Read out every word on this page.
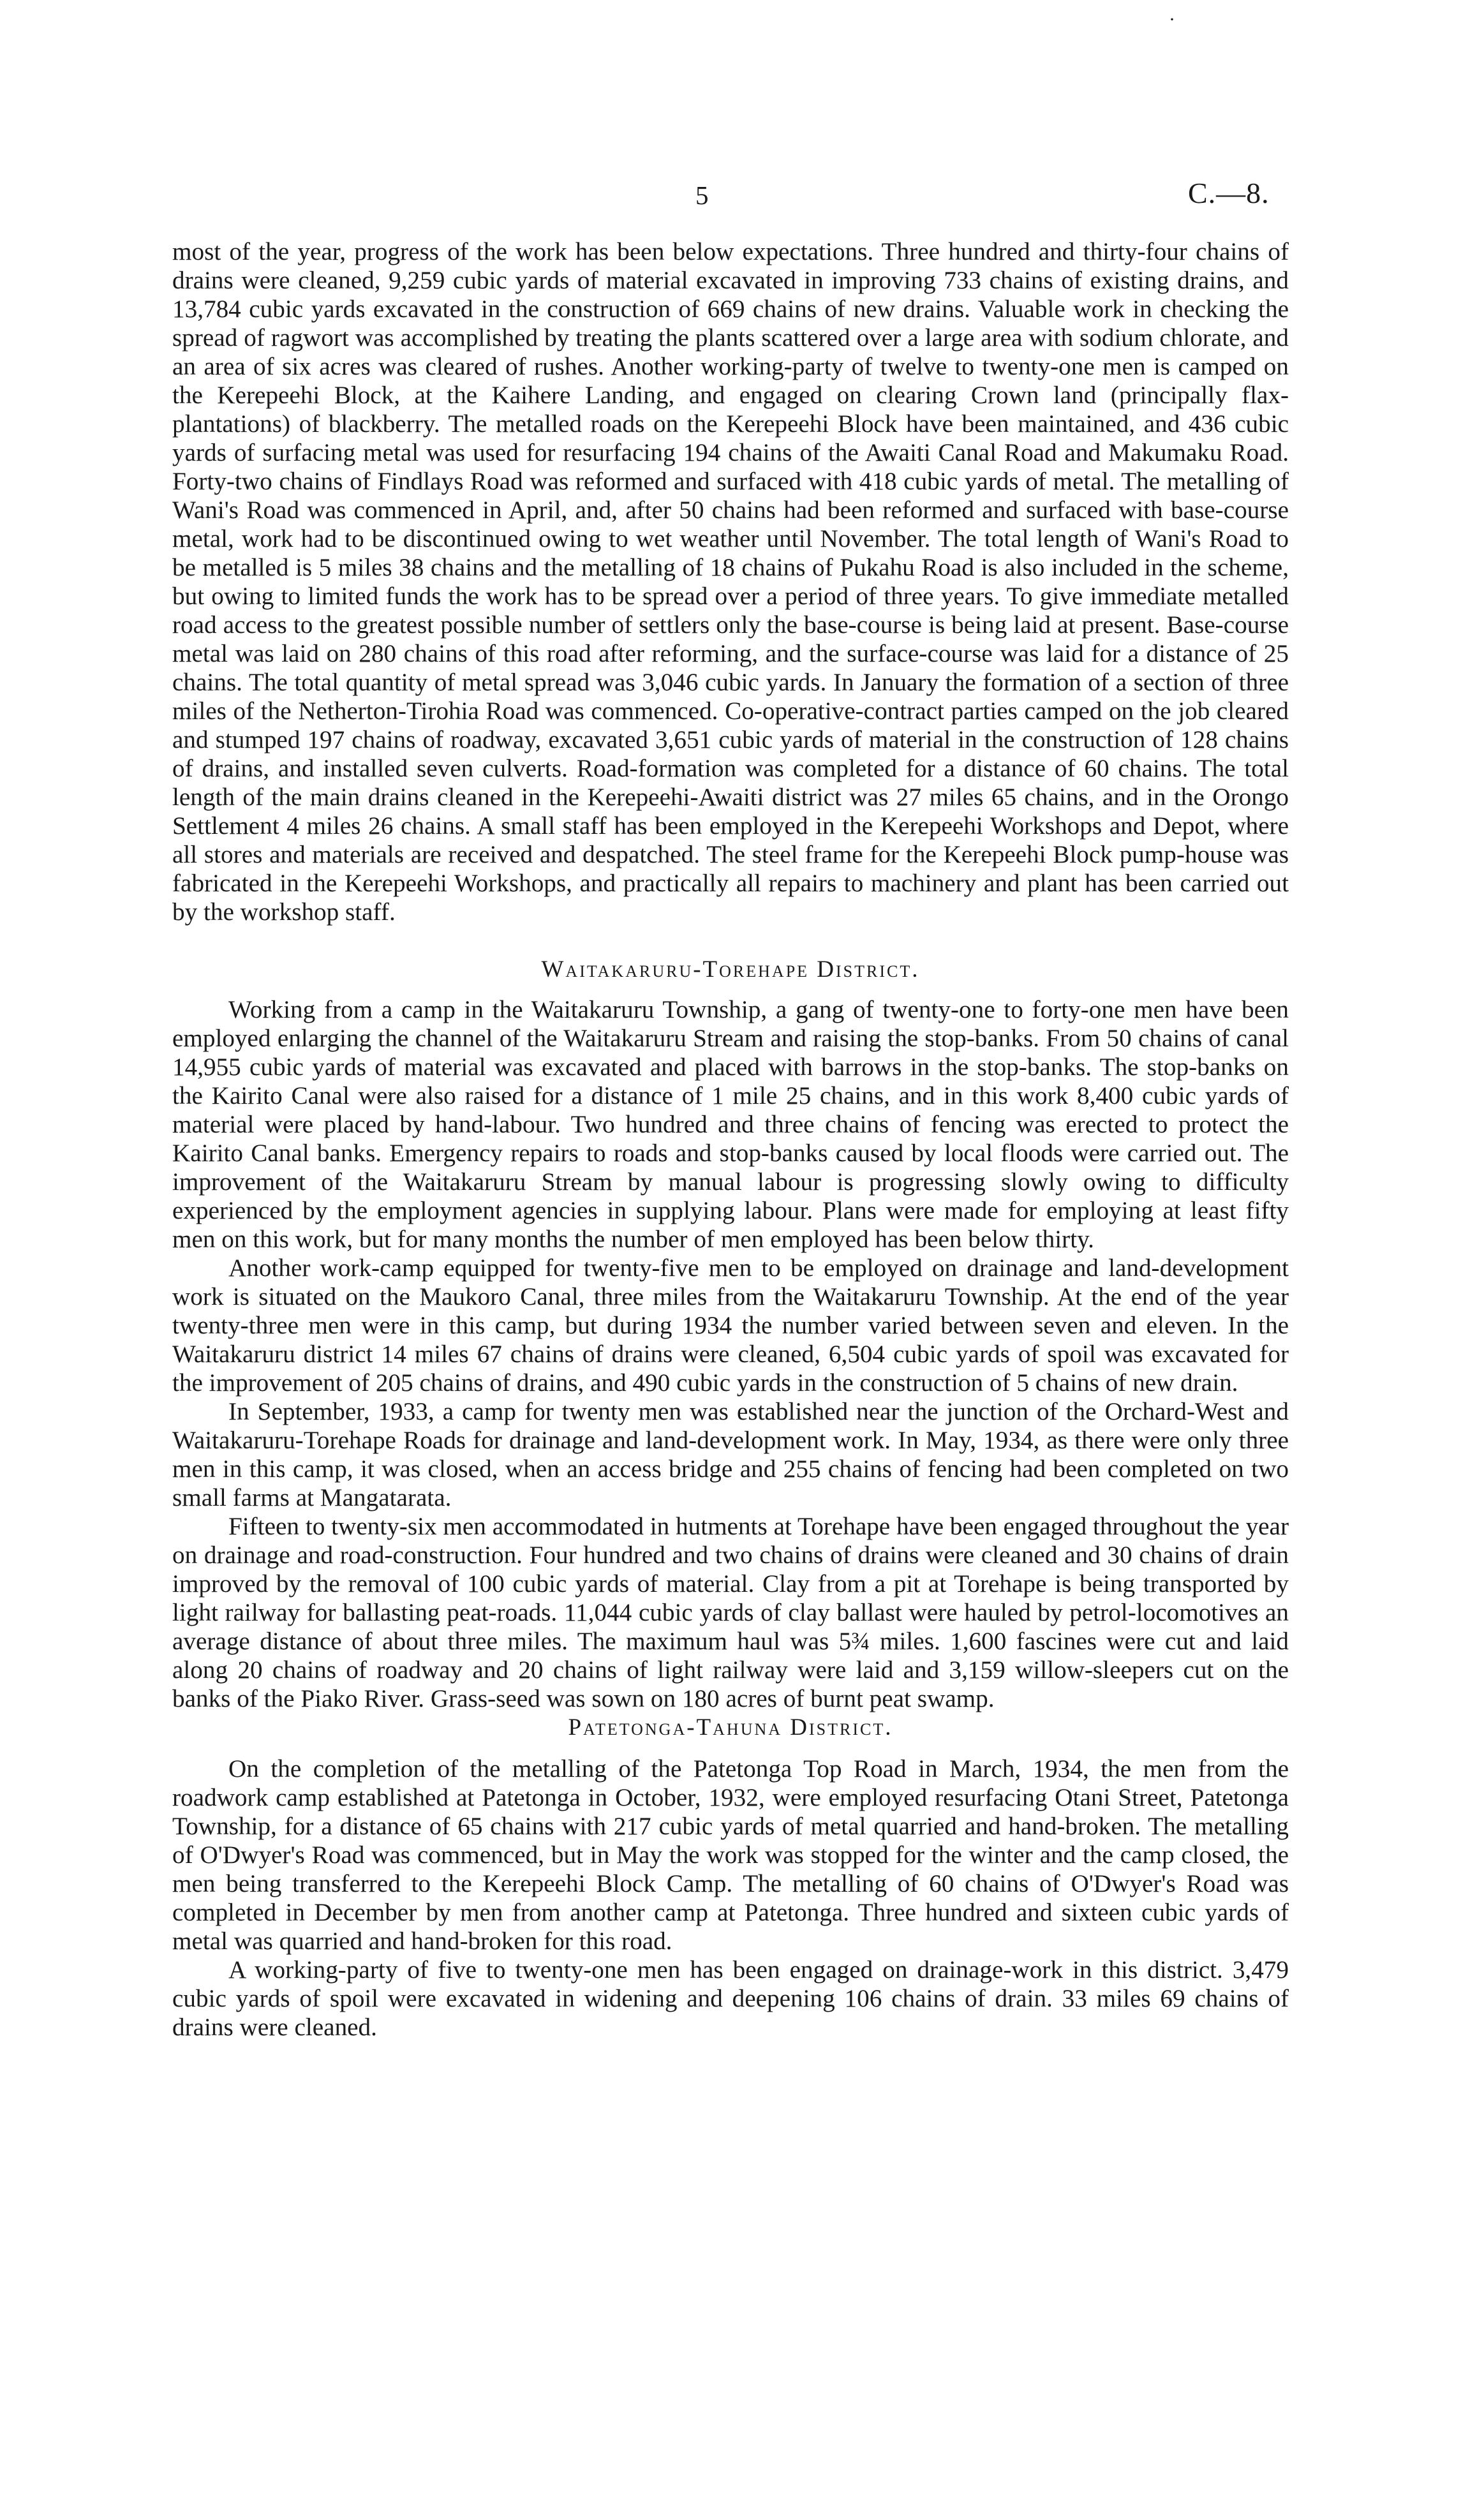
·
5	C.—8.

most of the year, progress of the work has been below expectations. Three hundred and thirty-four chains of drains were cleaned, 9,259 cubic yards of material excavated in improving 733 chains of existing drains, and 13,784 cubic yards excavated in the construction of 669 chains of new drains. Valuable work in checking the spread of ragwort was accomplished by treating the plants scattered over a large area with sodium chlorate, and an area of six acres was cleared of rushes. Another working-party of twelve to twenty-one men is camped on the Kerepeehi Block, at the Kaihere Landing, and engaged on clearing Crown land (principally flax-plantations) of blackberry. The metalled roads on the Kerepeehi Block have been maintained, and 436 cubic yards of surfacing metal was used for resurfacing 194 chains of the Awaiti Canal Road and Makumaku Road. Forty-two chains of Findlays Road was reformed and surfaced with 418 cubic yards of metal. The metalling of Wani's Road was commenced in April, and, after 50 chains had been reformed and surfaced with base-course metal, work had to be discontinued owing to wet weather until November. The total length of Wani's Road to be metalled is 5 miles 38 chains and the metalling of 18 chains of Pukahu Road is also included in the scheme, but owing to limited funds the work has to be spread over a period of three years. To give immediate metalled road access to the greatest possible number of settlers only the base-course is being laid at present. Base-course metal was laid on 280 chains of this road after reforming, and the surface-course was laid for a distance of 25 chains. The total quantity of metal spread was 3,046 cubic yards. In January the formation of a section of three miles of the Netherton-Tirohia Road was commenced. Co-operative-contract parties camped on the job cleared and stumped 197 chains of roadway, excavated 3,651 cubic yards of material in the construction of 128 chains of drains, and installed seven culverts. Road-formation was completed for a distance of 60 chains. The total length of the main drains cleaned in the Kerepeehi-Awaiti district was 27 miles 65 chains, and in the Orongo Settlement 4 miles 26 chains. A small staff has been employed in the Kerepeehi Workshops and Depot, where all stores and materials are received and despatched. The steel frame for the Kerepeehi Block pump-house was fabricated in the Kerepeehi Workshops, and practically all repairs to machinery and plant has been carried out by the workshop staff.

Waitakaruru-Torehape District.

Working from a camp in the Waitakaruru Township, a gang of twenty-one to forty-one men have been employed enlarging the channel of the Waitakaruru Stream and raising the stop-banks. From 50 chains of canal 14,955 cubic yards of material was excavated and placed with barrows in the stop-banks. The stop-banks on the Kairito Canal were also raised for a distance of 1 mile 25 chains, and in this work 8,400 cubic yards of material were placed by hand-labour. Two hundred and three chains of fencing was erected to protect the Kairito Canal banks. Emergency repairs to roads and stop-banks caused by local floods were carried out. The improvement of the Waitakaruru Stream by manual labour is progressing slowly owing to difficulty experienced by the employment agencies in supplying labour. Plans were made for employing at least fifty men on this work, but for many months the number of men employed has been below thirty.

Another work-camp equipped for twenty-five men to be employed on drainage and land-development work is situated on the Maukoro Canal, three miles from the Waitakaruru Township. At the end of the year twenty-three men were in this camp, but during 1934 the number varied between seven and eleven. In the Waitakaruru district 14 miles 67 chains of drains were cleaned, 6,504 cubic yards of spoil was excavated for the improvement of 205 chains of drains, and 490 cubic yards in the construction of 5 chains of new drain.

In September, 1933, a camp for twenty men was established near the junction of the Orchard-West and Waitakaruru-Torehape Roads for drainage and land-development work. In May, 1934, as there were only three men in this camp, it was closed, when an access bridge and 255 chains of fencing had been completed on two small farms at Mangatarata.

Fifteen to twenty-six men accommodated in hutments at Torehape have been engaged throughout the year on drainage and road-construction. Four hundred and two chains of drains were cleaned and 30 chains of drain improved by the removal of 100 cubic yards of material. Clay from a pit at Torehape is being transported by light railway for ballasting peat-roads. 11,044 cubic yards of clay ballast were hauled by petrol-locomotives an average distance of about three miles. The maximum haul was 5¾ miles. 1,600 fascines were cut and laid along 20 chains of roadway and 20 chains of light railway were laid and 3,159 willow-sleepers cut on the banks of the Piako River. Grass-seed was sown on 180 acres of burnt peat swamp.

Patetonga-Tahuna District.

On the completion of the metalling of the Patetonga Top Road in March, 1934, the men from the roadwork camp established at Patetonga in October, 1932, were employed resurfacing Otani Street, Patetonga Township, for a distance of 65 chains with 217 cubic yards of metal quarried and hand-broken. The metalling of O'Dwyer's Road was commenced, but in May the work was stopped for the winter and the camp closed, the men being transferred to the Kerepeehi Block Camp. The metalling of 60 chains of O'Dwyer's Road was completed in December by men from another camp at Patetonga. Three hundred and sixteen cubic yards of metal was quarried and hand-broken for this road.

A working-party of five to twenty-one men has been engaged on drainage-work in this district. 3,479 cubic yards of spoil were excavated in widening and deepening 106 chains of drain. 33 miles 69 chains of drains were cleaned.
